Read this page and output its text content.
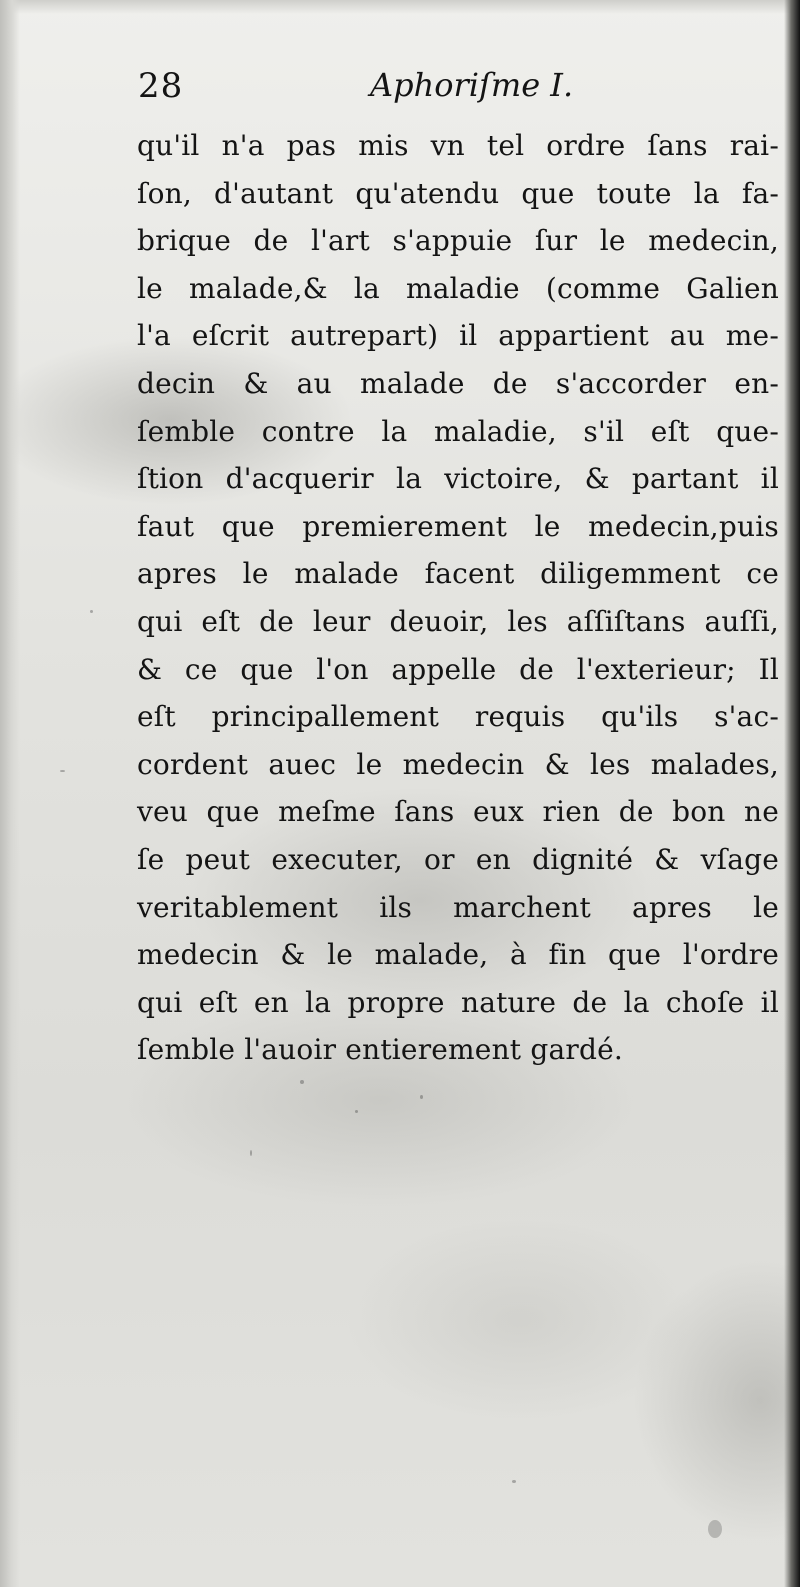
28	Aphoriſme I.
qu'il n'a pas mis vn tel ordre ſans rai-
ſon, d'autant qu'atendu que toute la fa-
brique de l'art s'appuie ſur le medecin,
le malade,& la maladie (comme Galien
l'a eſcrit autrepart) il appartient au me-
decin & au malade de s'accorder en-
ſemble contre la maladie, s'il eſt que-
ſtion d'acquerir la victoire, & partant il
faut que premierement le medecin,puis
apres le malade facent diligemment ce
qui eſt de leur deuoir, les aſſiſtans auſſi,
& ce que l'on appelle de l'exterieur; Il
eſt principallement requis qu'ils s'ac-
cordent auec le medecin & les malades,
veu que meſme ſans eux rien de bon ne
ſe peut executer, or en dignité & vſage
veritablement ils marchent apres le
medecin & le malade, à fin que l'ordre
qui eſt en la propre nature de la choſe il
ſemble l'auoir entierement gardé.
